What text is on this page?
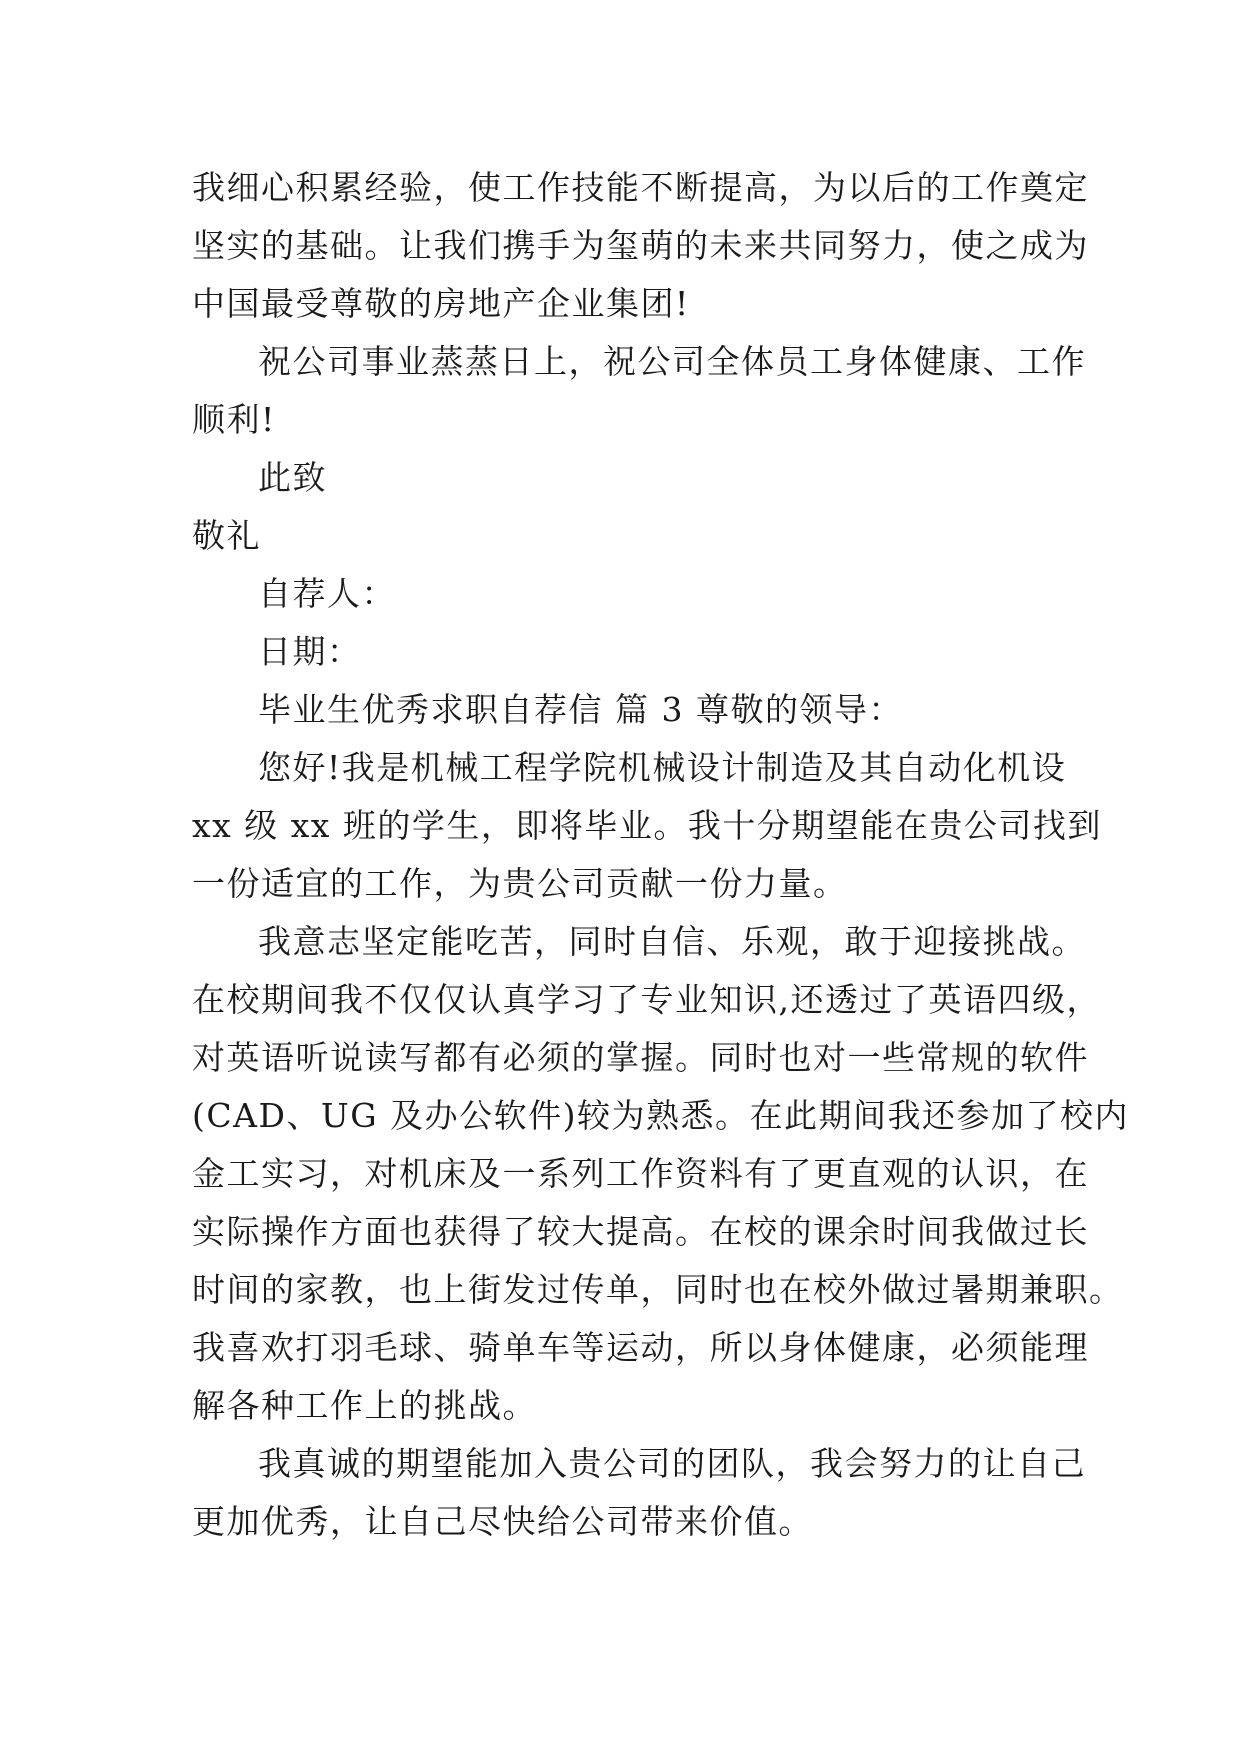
我细心积累经验，使工作技能不断提高，为以后的工作奠定
坚实的基础。让我们携手为玺萌的未来共同努力，使之成为
中国最受尊敬的房地产企业集团!
祝公司事业蒸蒸日上，祝公司全体员工身体健康、工作
顺利!
此致
敬礼
自荐人：
日期：
毕业生优秀求职自荐信 篇 3 尊敬的领导：
您好!我是机械工程学院机械设计制造及其自动化机设
xx 级 xx 班的学生，即将毕业。我十分期望能在贵公司找到
一份适宜的工作，为贵公司贡献一份力量。
我意志坚定能吃苦，同时自信、乐观，敢于迎接挑战。
在校期间我不仅仅认真学习了专业知识,还透过了英语四级，
对英语听说读写都有必须的掌握。同时也对一些常规的软件
(CAD、UG 及办公软件)较为熟悉。在此期间我还参加了校内
金工实习，对机床及一系列工作资料有了更直观的认识，在
实际操作方面也获得了较大提高。在校的课余时间我做过长
时间的家教，也上街发过传单，同时也在校外做过暑期兼职。
我喜欢打羽毛球、骑单车等运动，所以身体健康，必须能理
解各种工作上的挑战。
我真诚的期望能加入贵公司的团队，我会努力的让自己
更加优秀，让自己尽快给公司带来价值。
